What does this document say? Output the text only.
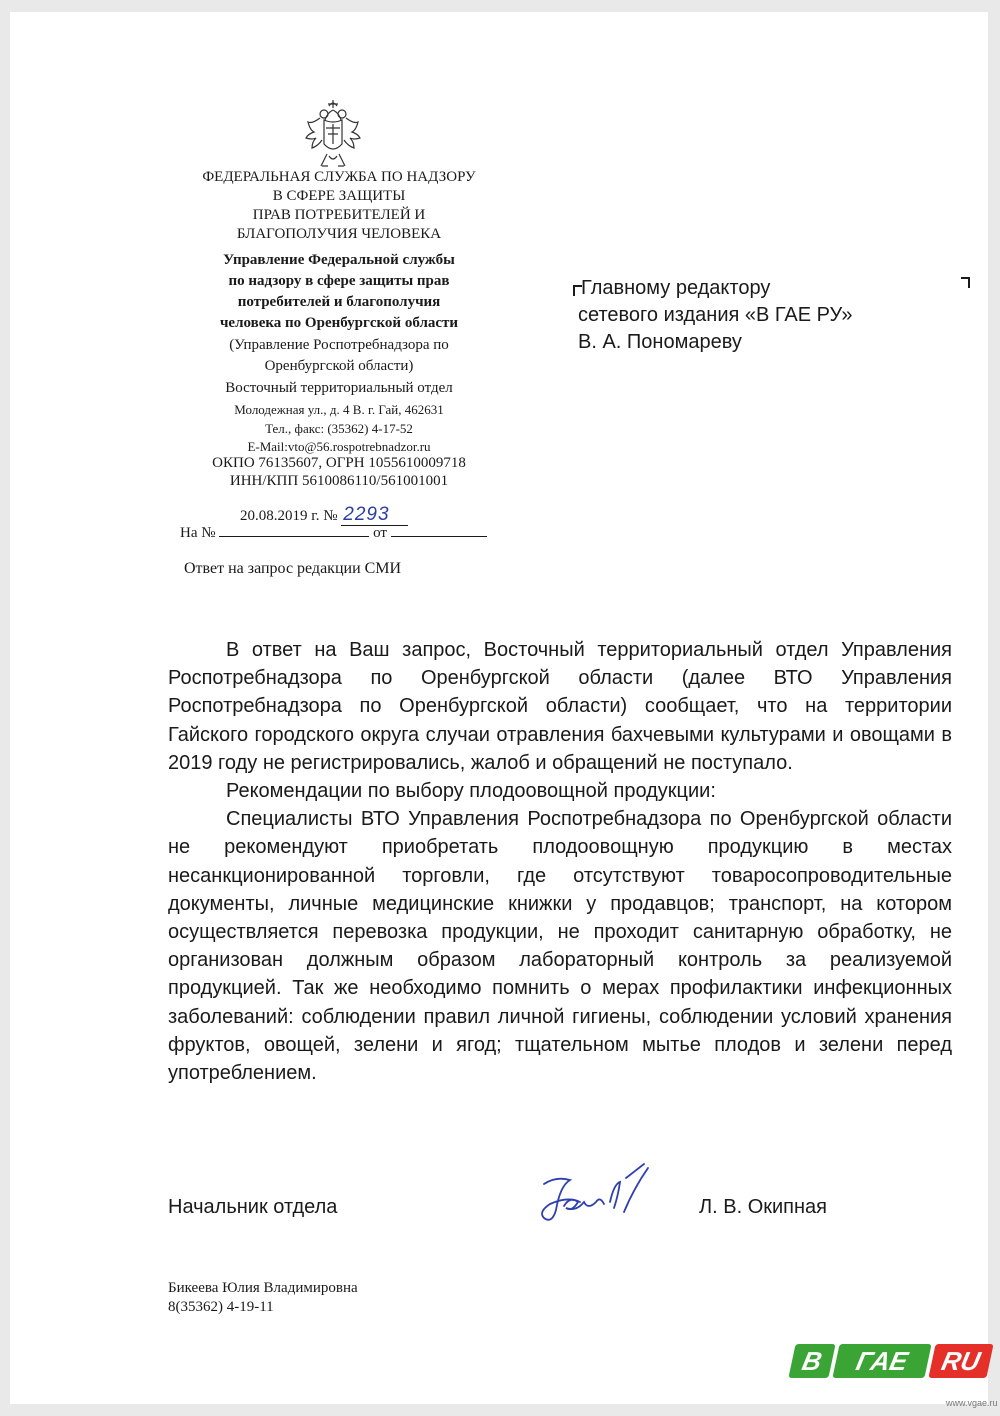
ФЕДЕРАЛЬНАЯ СЛУЖБА ПО НАДЗОРУ
В СФЕРЕ ЗАЩИТЫ
ПРАВ ПОТРЕБИТЕЛЕЙ И
БЛАГОПОЛУЧИЯ ЧЕЛОВЕКА
Управление Федеральной службы
по надзору в сфере защиты прав
потребителей и благополучия
человека по Оренбургской области
(Управление Роспотребнадзора по
Оренбургской области)
Восточный территориальный отдел
Молодежная ул., д. 4 В. г. Гай, 462631
Тел., факс: (35362) 4-17-52
E-Mail:vto@56.rospotrebnadzor.ru
ОКПО 76135607, ОГРН 1055610009718
ИНН/КПП 5610086110/561001001
20.08.2019 г. № 2293
На №	от
Ответ на запрос редакции СМИ
Главному редактору
сетевого издания «В ГАЕ РУ»
В. А. Пономареву

В ответ на Ваш запрос, Восточный территориальный отдел Управления Роспотребнадзора по Оренбургской области (далее ВТО Управления Роспотребнадзора по Оренбургской области) сообщает, что на территории Гайского городского округа случаи отравления бахчевыми культурами и овощами в 2019 году не регистрировались, жалоб и обращений не поступало.

Рекомендации по выбору плодоовощной продукции:

Специалисты ВТО Управления Роспотребнадзора по Оренбургской области не рекомендуют приобретать плодоовощную продукцию в местах несанкционированной торговли, где отсутствуют товаросопроводительные документы, личные медицинские книжки у продавцов; транспорт, на котором осуществляется перевозка продукции, не проходит санитарную обработку, не организован должным образом лабораторный контроль за реализуемой продукцией. Так же необходимо помнить о мерах профилактики инфекционных заболеваний: соблюдении правил личной гигиены, соблюдении условий хранения фруктов, овощей, зелени и ягод; тщательном мытье плодов и зелени перед употреблением.

Начальник отдела	Л. В. Окипная
Бикеева Юлия Владимировна
8(35362) 4-19-11
В	ГАЕ	RU
www.vgae.ru
